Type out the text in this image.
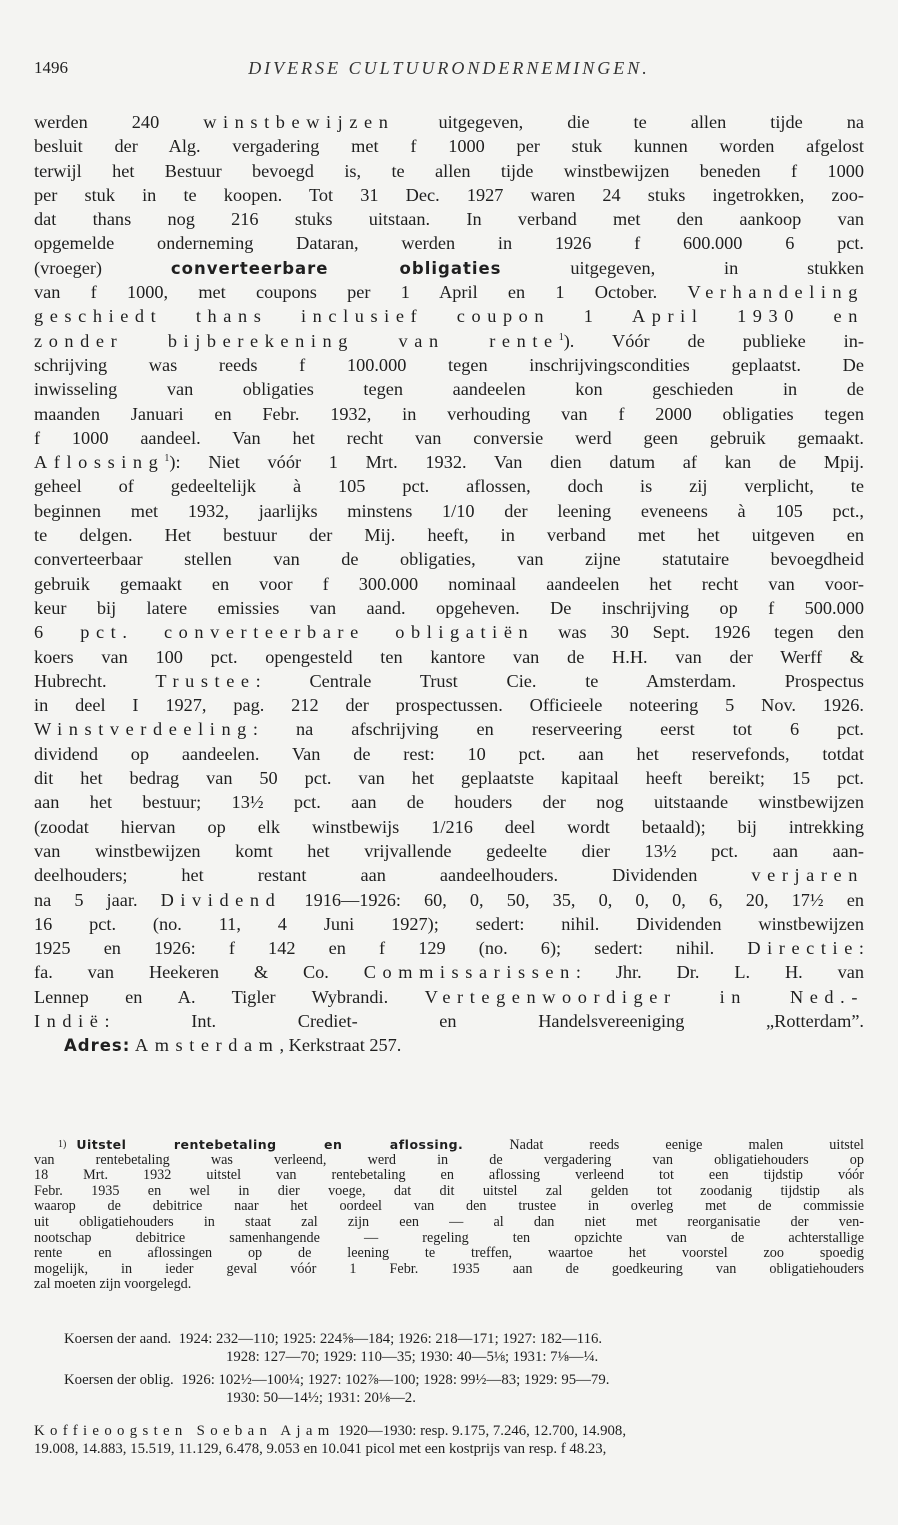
1496	DIVERSE CULTUURONDERNEMINGEN.
werden 240 winstbewijzen uitgegeven, die te allen tijde na
besluit der Alg. vergadering met f 1000 per stuk kunnen worden afgelost
terwijl het Bestuur bevoegd is, te allen tijde winstbewijzen beneden f 1000
per stuk in te koopen. Tot 31 Dec. 1927 waren 24 stuks ingetrokken, zoo-
dat thans nog 216 stuks uitstaan. In verband met den aankoop van
opgemelde onderneming Dataran, werden in 1926 f 600.000 6 pct.
(vroeger) converteerbare obligaties uitgegeven, in stukken
van f 1000, met coupons per 1 April en 1 October. Verhandeling
geschiedt thans inclusief coupon 1 April 1930 en
zonder bijberekening van rente$^1$). Vóór de publieke in-
schrijving was reeds f 100.000 tegen inschrijvingscondities geplaatst. De
inwisseling van obligaties tegen aandeelen kon geschieden in de
maanden Januari en Febr. 1932, in verhouding van f 2000 obligaties tegen
f 1000 aandeel. Van het recht van conversie werd geen gebruik gemaakt.
Aflossing$^1$): Niet vóór 1 Mrt. 1932. Van dien datum af kan de Mpij.
geheel of gedeeltelijk à 105 pct. aflossen, doch is zij verplicht, te
beginnen met 1932, jaarlijks minstens 1/10 der leening eveneens à 105 pct.,
te delgen. Het bestuur der Mij. heeft, in verband met het uitgeven en
converteerbaar stellen van de obligaties, van zijne statutaire bevoegdheid
gebruik gemaakt en voor f 300.000 nominaal aandeelen het recht van voor-
keur bij latere emissies van aand. opgeheven. De inschrijving op f 500.000
6 pct. converteerbare obligatiën was 30 Sept. 1926 tegen den
koers van 100 pct. opengesteld ten kantore van de H.H. van der Werff &
Hubrecht. Trustee: Centrale Trust Cie. te Amsterdam. Prospectus
in deel I 1927, pag. 212 der prospectussen. Officieele noteering 5 Nov. 1926.
Winstverdeeling: na afschrijving en reserveering eerst tot 6 pct.
dividend op aandeelen. Van de rest: 10 pct. aan het reservefonds, totdat
dit het bedrag van 50 pct. van het geplaatste kapitaal heeft bereikt; 15 pct.
aan het bestuur; 13½ pct. aan de houders der nog uitstaande winstbewijzen
(zoodat hiervan op elk winstbewijs 1/216 deel wordt betaald); bij intrekking
van winstbewijzen komt het vrijvallende gedeelte dier 13½ pct. aan aan-
deelhouders; het restant aan aandeelhouders. Dividenden verjaren
na 5 jaar. Dividend 1916—1926: 60, 0, 50, 35, 0, 0, 0, 6, 20, 17½ en
16 pct. (no. 11, 4 Juni 1927); sedert: nihil. Dividenden winstbewijzen
1925 en 1926: f 142 en f 129 (no. 6); sedert: nihil. Directie:
fa. van Heekeren & Co. Commissarissen: Jhr. Dr. L. H. van
Lennep en A. Tigler Wybrandi. Vertegenwoordiger in Ned.-
Indië: Int. Crediet- en Handelsvereeniging „Rotterdam”.
Adres: Amsterdam, Kerkstraat 257.
$^{1)}$ Uitstel rentebetaling en aflossing. Nadat reeds eenige malen uitstel
van rentebetaling was verleend, werd in de vergadering van obligatiehouders op
18 Mrt. 1932 uitstel van rentebetaling en aflossing verleend tot een tijdstip vóór
Febr. 1935 en wel in dier voege, dat dit uitstel zal gelden tot zoodanig tijdstip als
waarop de debitrice naar het oordeel van den trustee in overleg met de commissie
uit obligatiehouders in staat zal zijn een — al dan niet met reorganisatie der ven-
nootschap debitrice samenhangende — regeling ten opzichte van de achterstallige
rente en aflossingen op de leening te treffen, waartoe het voorstel zoo spoedig
mogelijk, in ieder geval vóór 1 Febr. 1935 aan de goedkeuring van obligatiehouders
zal moeten zijn voorgelegd.
Koersen der aand. 1924: 232—110; 1925: 224⅝—184; 1926: 218—171; 1927: 182—116.
1928: 127—70; 1929: 110—35; 1930: 40—5⅛; 1931: 7⅛—¼.
Koersen der oblig. 1926: 102½—100¼; 1927: 102⅞—100; 1928: 99½—83; 1929: 95—79.
1930: 50—14½; 1931: 20⅛—2.
Koffieoogsten Soeban Ajam 1920—1930: resp. 9.175, 7.246, 12.700, 14.908,
19.008, 14.883, 15.519, 11.129, 6.478, 9.053 en 10.041 picol met een kostprijs van resp. f 48.23,
